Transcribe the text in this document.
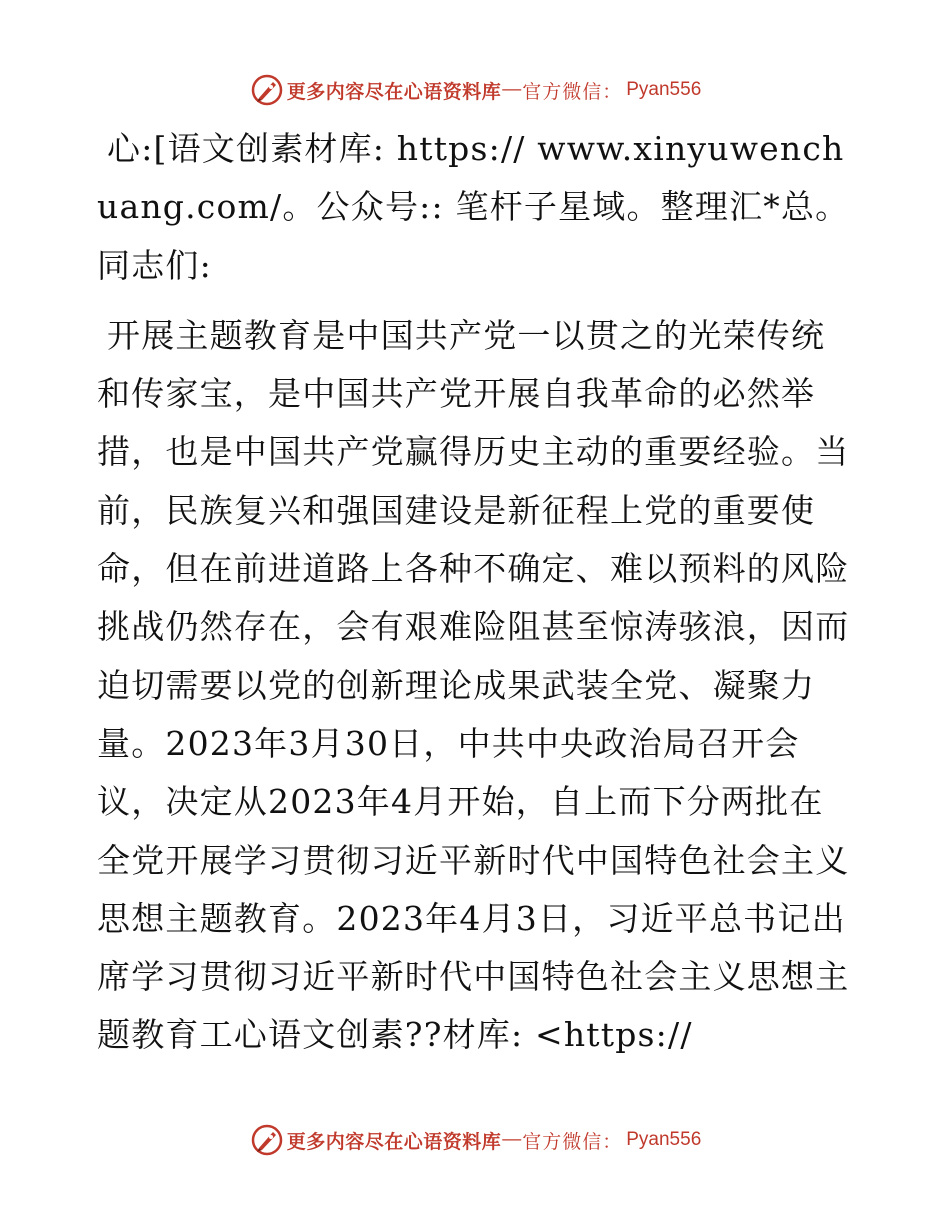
更多内容尽在心语资料库 — 官方微信： Pyan556

心:[语文创素材库: https:// www.xinyuwenchuang.com/。公众号:: 笔杆子星域。整理汇*总。同志们:

开展主题教育是中国共产党一以贯之的光荣传统和传家宝，是中国共产党开展自我革命的必然举措，也是中国共产党赢得历史主动的重要经验。当前，民族复兴和强国建设是新征程上党的重要使命，但在前进道路上各种不确定、难以预料的风险挑战仍然存在，会有艰难险阻甚至惊涛骇浪，因而迫切需要以党的创新理论成果武装全党、凝聚力量。2023年3月30日，中共中央政治局召开会议，决定从2023年4月开始，自上而下分两批在全党开展学习贯彻习近平新时代中国特色社会主义思想主题教育。2023年4月3日，习近平总书记出席学习贯彻习近平新时代中国特色社会主义思想主题教育工心语文创素??材库: <https://

更多内容尽在心语资料库 — 官方微信： Pyan556
